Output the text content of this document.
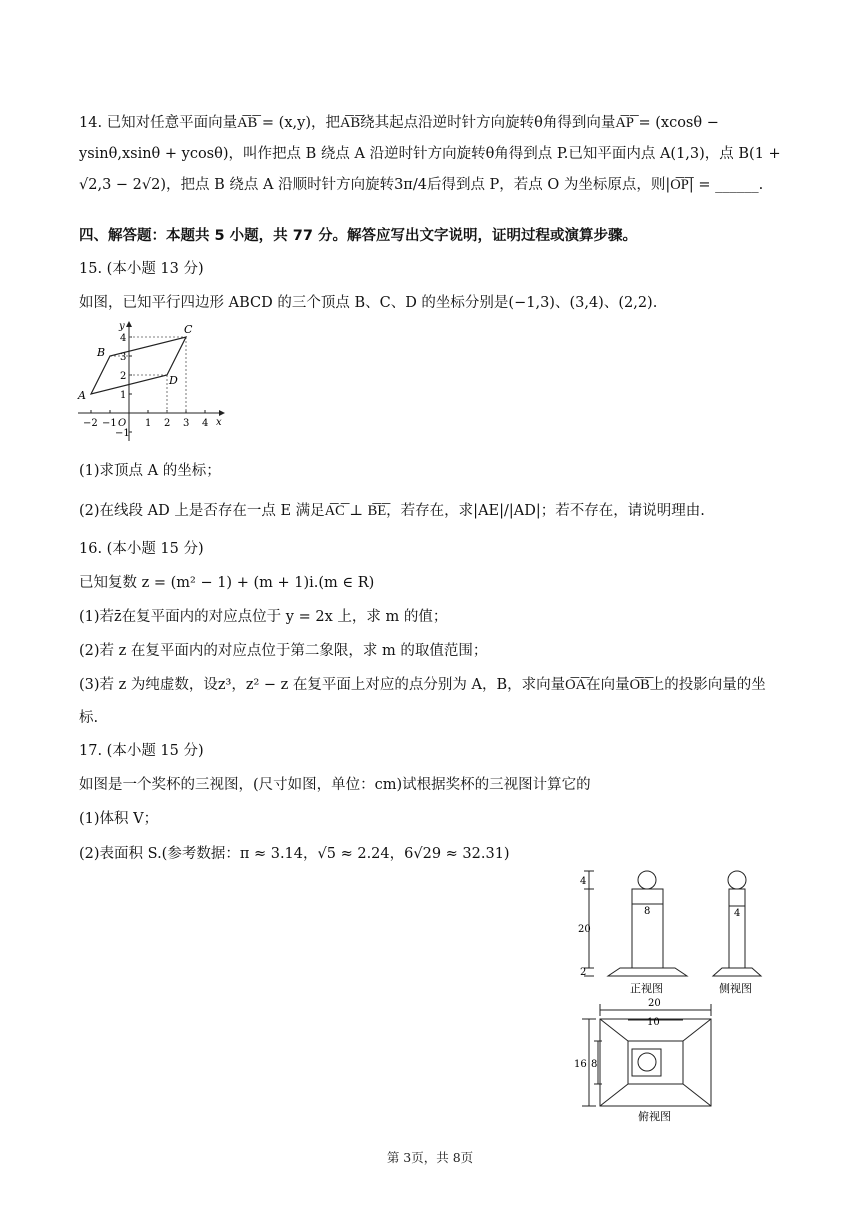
14. 已知对任意平面向量A͞B͞ = (x,y)，把A͞B͞绕其起点沿逆时针方向旋转θ角得到向量A͞P͞ = (xcosθ −
ysinθ,xsinθ + ycosθ)，叫作把点 B 绕点 A 沿逆时针方向旋转θ角得到点 P.已知平面内点 A(1,3)，点 B(1 +
√2,3 − 2√2)，把点 B 绕点 A 沿顺时针方向旋转3π/4后得到点 P，若点 O 为坐标原点，则|O͞P͞| = ______.
四、解答题：本题共 5 小题，共 77 分。解答应写出文字说明，证明过程或演算步骤。
15. (本小题 13 分)
如图，已知平行四边形 ABCD 的三个顶点 B、C、D 的坐标分别是(−1,3)、(3,4)、(2,2).
A
B
C
D
x
y
−2 −1 O 1 2 3 4
4
3
2
1
−1
(1)求顶点 A 的坐标；
(2)在线段 AD 上是否存在一点 E 满足A͞C͞ ⊥ B͞E͞，若存在，求|AE|/|AD|；若不存在，请说明理由.
16. (本小题 15 分)
已知复数 z = (m² − 1) + (m + 1)i.(m ∈ R)
(1)若z̄在复平面内的对应点位于 y = 2x 上，求 m 的值；
(2)若 z 在复平面内的对应点位于第二象限，求 m 的取值范围；
(3)若 z 为纯虚数，设z³，z² − z 在复平面上对应的点分别为 A，B，求向量O͞A͞在向量O͞B͞上的投影向量的坐
标.
17. (本小题 15 分)
如图是一个奖杯的三视图，(尺寸如图，单位：cm)试根据奖杯的三视图计算它的
(1)体积 V；
(2)表面积 S.(参考数据：π ≈ 3.14，√5 ≈ 2.24，6√29 ≈ 32.31)
4
20
2
8	4
20
10
16 8
正视图	侧视图
俯视图
第 3页，共 8页
